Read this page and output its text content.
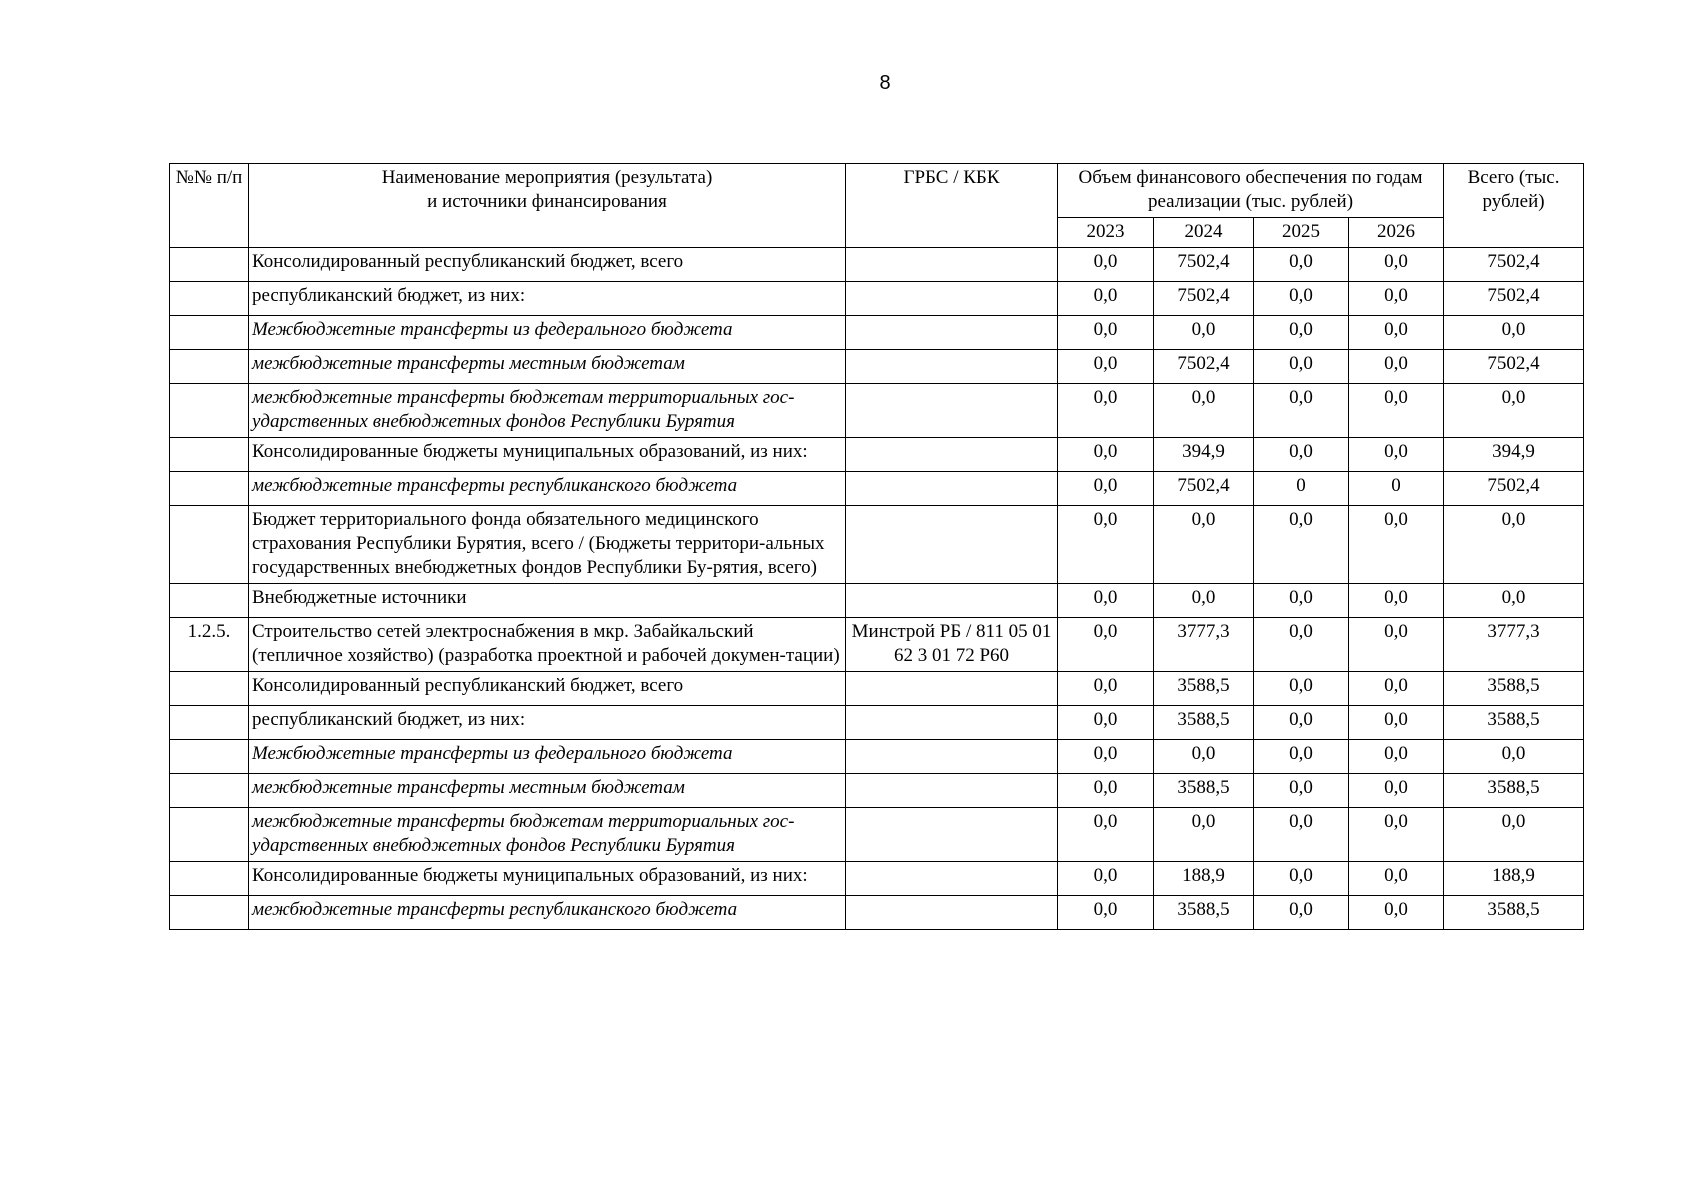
8
№№ п/п	Наименование мероприятия (результата)
и источники финансирования	ГРБС / КБК	Объем финансового обеспечения по годам реализации (тыс. рублей)				Всего (тыс. рублей)
			2023	2024	2025	2026	
	Консолидированный республиканский бюджет, всего		0,0	7502,4	0,0	0,0	7502,4
	республиканский бюджет, из них:		0,0	7502,4	0,0	0,0	7502,4
	Межбюджетные трансферты из федерального бюджета		0,0	0,0	0,0	0,0	0,0
	межбюджетные трансферты местным бюджетам		0,0	7502,4	0,0	0,0	7502,4
	межбюджетные трансферты бюджетам территориальных гос-ударственных внебюджетных фондов Республики Бурятия		0,0	0,0	0,0	0,0	0,0
	Консолидированные бюджеты муниципальных образований, из них:		0,0	394,9	0,0	0,0	394,9
	межбюджетные трансферты республиканского бюджета		0,0	7502,4	0	0	7502,4
	Бюджет территориального фонда обязательного медицинского страхования Республики Бурятия, всего / (Бюджеты территори-альных государственных внебюджетных фондов Республики Бу-рятия, всего)		0,0	0,0	0,0	0,0	0,0
	Внебюджетные источники		0,0	0,0	0,0	0,0	0,0
1.2.5.	Строительство сетей электроснабжения в мкр. Забайкальский (тепличное хозяйство) (разработка проектной и рабочей докумен-тации)	Минстрой РБ / 811 05 01 62 3 01 72 P60	0,0	3777,3	0,0	0,0	3777,3
	Консолидированный республиканский бюджет, всего		0,0	3588,5	0,0	0,0	3588,5
	республиканский бюджет, из них:		0,0	3588,5	0,0	0,0	3588,5
	Межбюджетные трансферты из федерального бюджета		0,0	0,0	0,0	0,0	0,0
	межбюджетные трансферты местным бюджетам		0,0	3588,5	0,0	0,0	3588,5
	межбюджетные трансферты бюджетам территориальных гос-ударственных внебюджетных фондов Республики Бурятия		0,0	0,0	0,0	0,0	0,0
	Консолидированные бюджеты муниципальных образований, из них:		0,0	188,9	0,0	0,0	188,9
	межбюджетные трансферты республиканского бюджета		0,0	3588,5	0,0	0,0	3588,5
